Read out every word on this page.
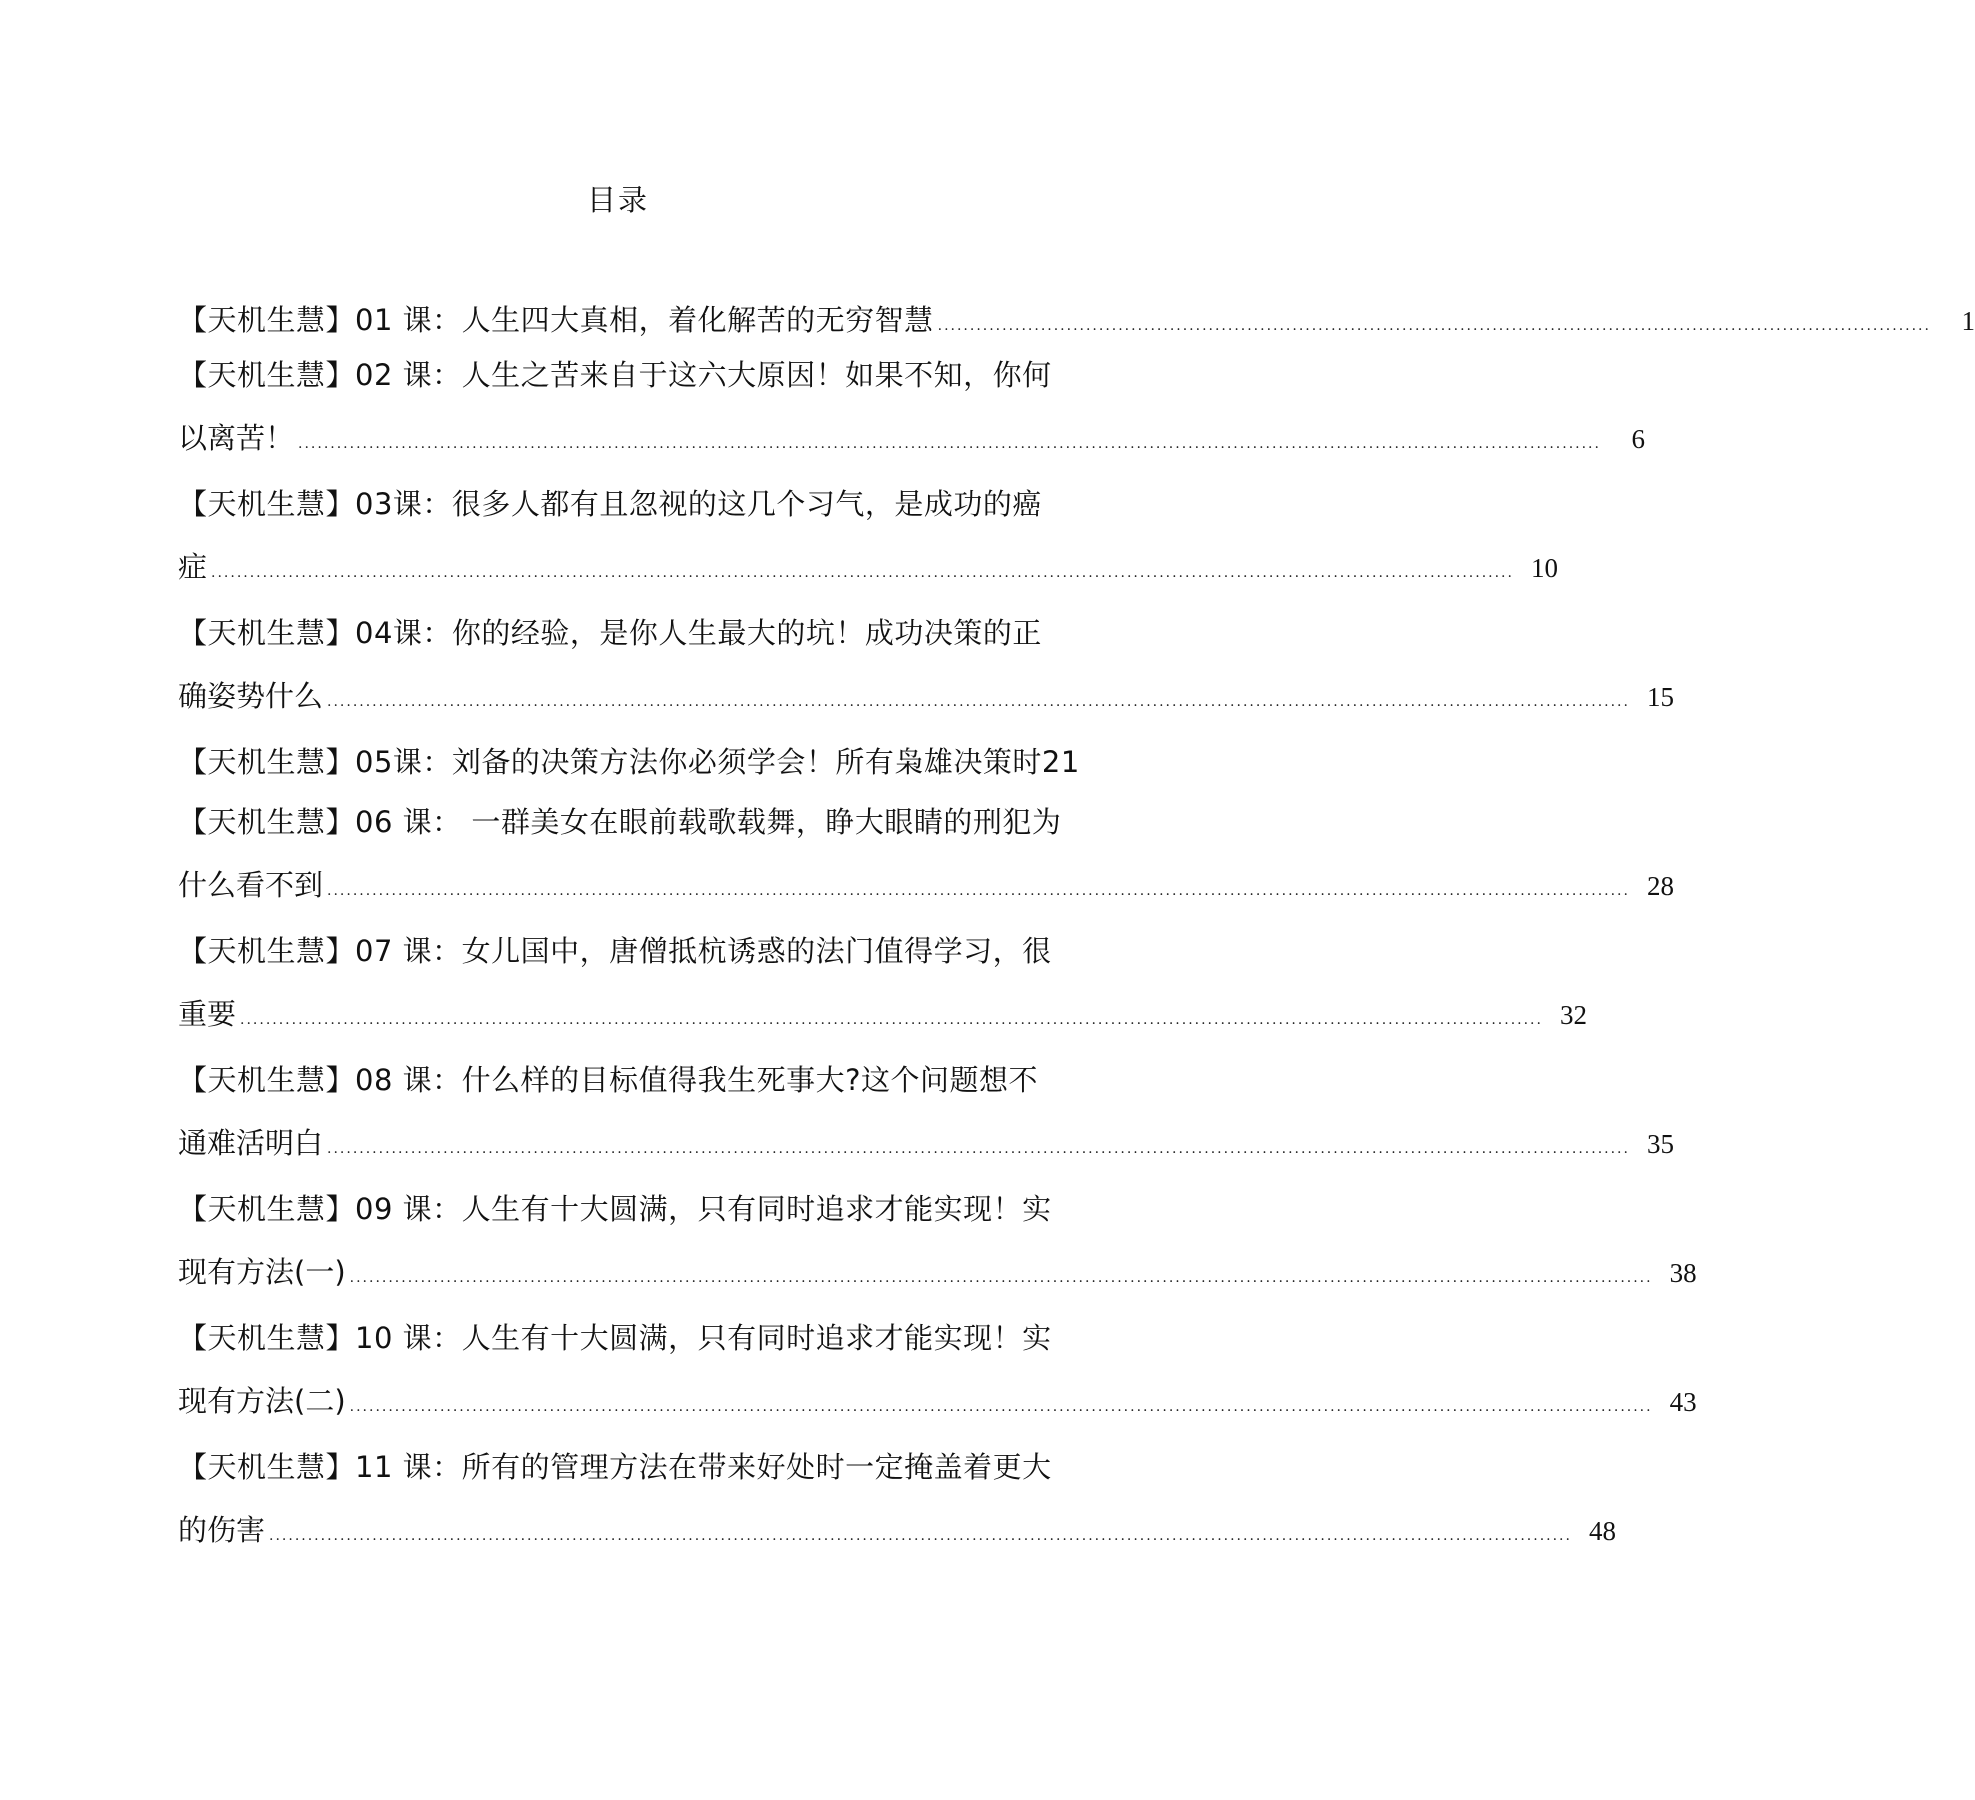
目录
【天机生慧】01 课：人生四大真相，着化解苦的无穷智慧 ..........................................................................................................................................................	1
【天机生慧】02 课：人生之苦来自于这六大原因！如果不知，你何
以离苦！ ..........................................................................................................................................................................................................	6
【天机生慧】03课：很多人都有且忽视的这几个习气，是成功的癌
症 .......................................................................................................................................................................................................... 10
【天机生慧】04课：你的经验，是你人生最大的坑！成功决策的正
确姿势什么 .......................................................................................................................................................................................................... 15
【天机生慧】05课：刘备的决策方法你必须学会！所有枭雄决策时21
【天机生慧】06 课： 一群美女在眼前载歌载舞，睁大眼睛的刑犯为
什么看不到 .......................................................................................................................................................................................................... 28
【天机生慧】07 课：女儿国中，唐僧抵杭诱惑的法门值得学习，很
重要 .......................................................................................................................................................................................................... 32
【天机生慧】08 课：什么样的目标值得我生死事大?这个问题想不
通难活明白 .......................................................................................................................................................................................................... 35
【天机生慧】09 课：人生有十大圆满，只有同时追求才能实现！实
现有方法(一) .......................................................................................................................................................................................................... 38
【天机生慧】10 课：人生有十大圆满，只有同时追求才能实现！实
现有方法(二) .......................................................................................................................................................................................................... 43
【天机生慧】11 课：所有的管理方法在带来好处时一定掩盖着更大
的伤害 .......................................................................................................................................................................................................... 48
